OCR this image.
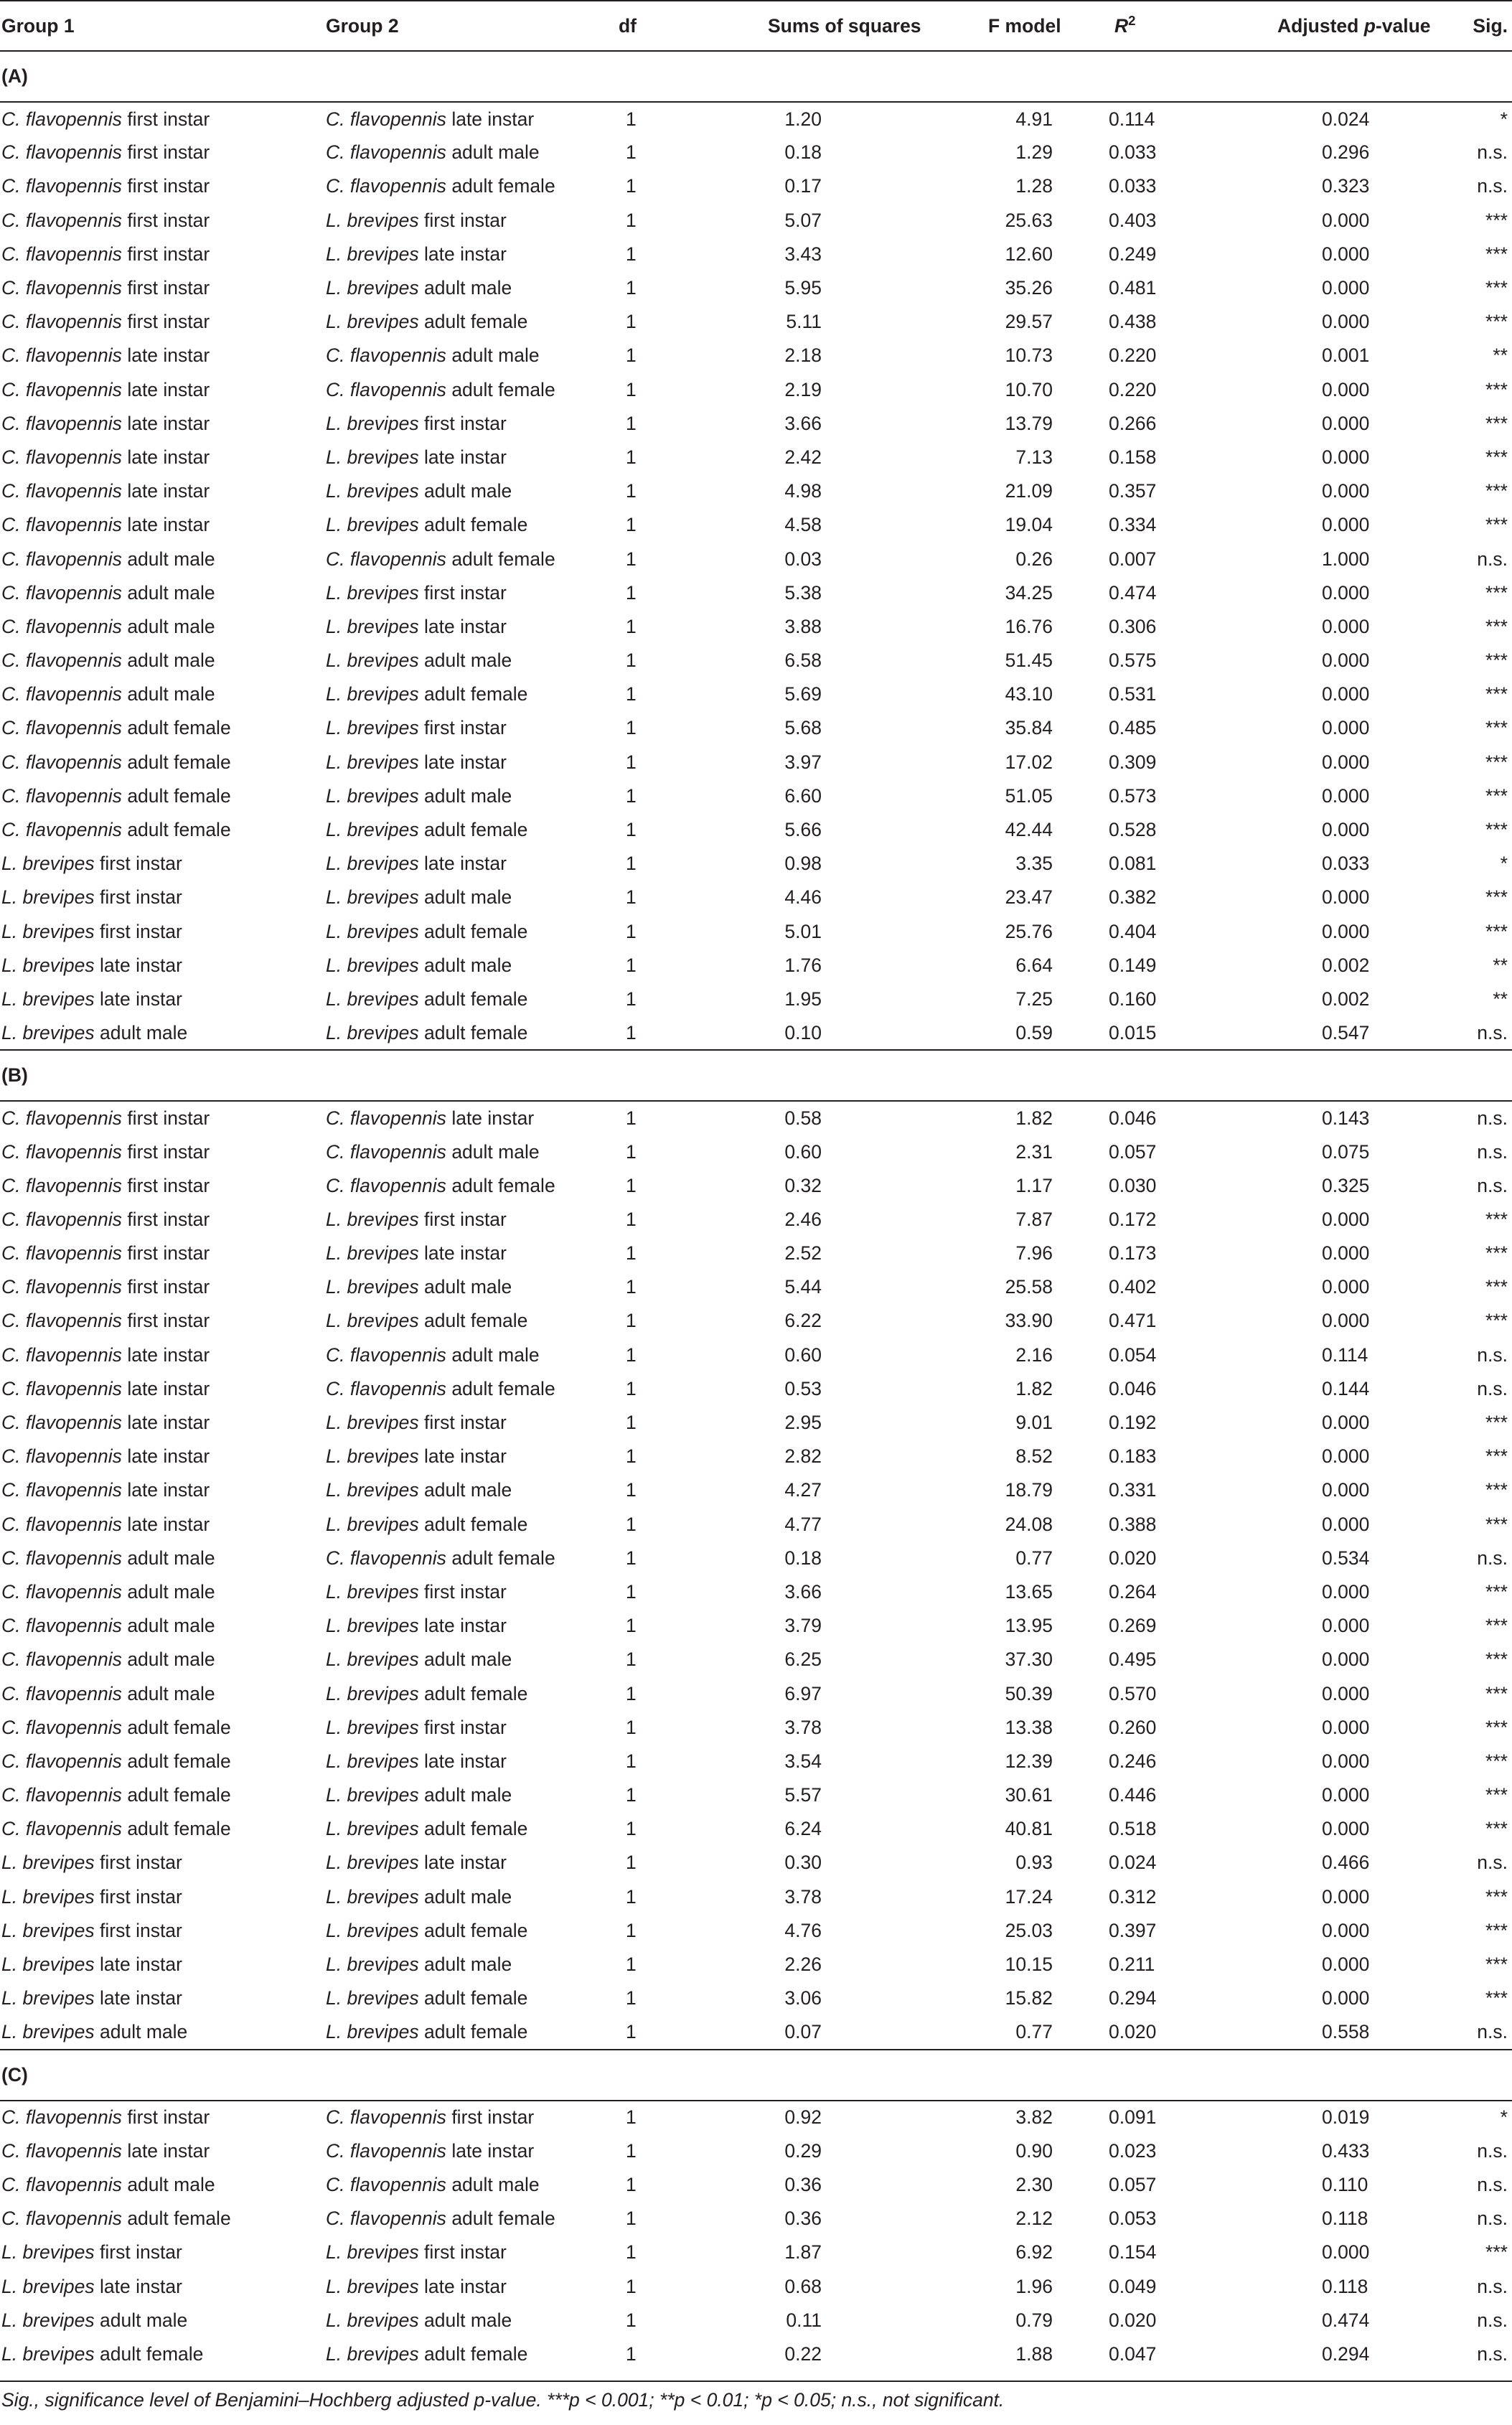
Group 1	Group 2	df	Sums of squares	F model	$R^2$	Adjusted p-value	Sig.
(A)							
C. flavopennis first instar	C. flavopennis late instar	1	1.20	4.91	0.114	0.024	*
C. flavopennis first instar	C. flavopennis adult male	1	0.18	1.29	0.033	0.296	n.s.
C. flavopennis first instar	C. flavopennis adult female	1	0.17	1.28	0.033	0.323	n.s.
C. flavopennis first instar	L. brevipes first instar	1	5.07	25.63	0.403	0.000	***
C. flavopennis first instar	L. brevipes late instar	1	3.43	12.60	0.249	0.000	***
C. flavopennis first instar	L. brevipes adult male	1	5.95	35.26	0.481	0.000	***
C. flavopennis first instar	L. brevipes adult female	1	5.11	29.57	0.438	0.000	***
C. flavopennis late instar	C. flavopennis adult male	1	2.18	10.73	0.220	0.001	**
C. flavopennis late instar	C. flavopennis adult female	1	2.19	10.70	0.220	0.000	***
C. flavopennis late instar	L. brevipes first instar	1	3.66	13.79	0.266	0.000	***
C. flavopennis late instar	L. brevipes late instar	1	2.42	7.13	0.158	0.000	***
C. flavopennis late instar	L. brevipes adult male	1	4.98	21.09	0.357	0.000	***
C. flavopennis late instar	L. brevipes adult female	1	4.58	19.04	0.334	0.000	***
C. flavopennis adult male	C. flavopennis adult female	1	0.03	0.26	0.007	1.000	n.s.
C. flavopennis adult male	L. brevipes first instar	1	5.38	34.25	0.474	0.000	***
C. flavopennis adult male	L. brevipes late instar	1	3.88	16.76	0.306	0.000	***
C. flavopennis adult male	L. brevipes adult male	1	6.58	51.45	0.575	0.000	***
C. flavopennis adult male	L. brevipes adult female	1	5.69	43.10	0.531	0.000	***
C. flavopennis adult female	L. brevipes first instar	1	5.68	35.84	0.485	0.000	***
C. flavopennis adult female	L. brevipes late instar	1	3.97	17.02	0.309	0.000	***
C. flavopennis adult female	L. brevipes adult male	1	6.60	51.05	0.573	0.000	***
C. flavopennis adult female	L. brevipes adult female	1	5.66	42.44	0.528	0.000	***
L. brevipes first instar	L. brevipes late instar	1	0.98	3.35	0.081	0.033	*
L. brevipes first instar	L. brevipes adult male	1	4.46	23.47	0.382	0.000	***
L. brevipes first instar	L. brevipes adult female	1	5.01	25.76	0.404	0.000	***
L. brevipes late instar	L. brevipes adult male	1	1.76	6.64	0.149	0.002	**
L. brevipes late instar	L. brevipes adult female	1	1.95	7.25	0.160	0.002	**
L. brevipes adult male	L. brevipes adult female	1	0.10	0.59	0.015	0.547	n.s.
(B)							
C. flavopennis first instar	C. flavopennis late instar	1	0.58	1.82	0.046	0.143	n.s.
C. flavopennis first instar	C. flavopennis adult male	1	0.60	2.31	0.057	0.075	n.s.
C. flavopennis first instar	C. flavopennis adult female	1	0.32	1.17	0.030	0.325	n.s.
C. flavopennis first instar	L. brevipes first instar	1	2.46	7.87	0.172	0.000	***
C. flavopennis first instar	L. brevipes late instar	1	2.52	7.96	0.173	0.000	***
C. flavopennis first instar	L. brevipes adult male	1	5.44	25.58	0.402	0.000	***
C. flavopennis first instar	L. brevipes adult female	1	6.22	33.90	0.471	0.000	***
C. flavopennis late instar	C. flavopennis adult male	1	0.60	2.16	0.054	0.114	n.s.
C. flavopennis late instar	C. flavopennis adult female	1	0.53	1.82	0.046	0.144	n.s.
C. flavopennis late instar	L. brevipes first instar	1	2.95	9.01	0.192	0.000	***
C. flavopennis late instar	L. brevipes late instar	1	2.82	8.52	0.183	0.000	***
C. flavopennis late instar	L. brevipes adult male	1	4.27	18.79	0.331	0.000	***
C. flavopennis late instar	L. brevipes adult female	1	4.77	24.08	0.388	0.000	***
C. flavopennis adult male	C. flavopennis adult female	1	0.18	0.77	0.020	0.534	n.s.
C. flavopennis adult male	L. brevipes first instar	1	3.66	13.65	0.264	0.000	***
C. flavopennis adult male	L. brevipes late instar	1	3.79	13.95	0.269	0.000	***
C. flavopennis adult male	L. brevipes adult male	1	6.25	37.30	0.495	0.000	***
C. flavopennis adult male	L. brevipes adult female	1	6.97	50.39	0.570	0.000	***
C. flavopennis adult female	L. brevipes first instar	1	3.78	13.38	0.260	0.000	***
C. flavopennis adult female	L. brevipes late instar	1	3.54	12.39	0.246	0.000	***
C. flavopennis adult female	L. brevipes adult male	1	5.57	30.61	0.446	0.000	***
C. flavopennis adult female	L. brevipes adult female	1	6.24	40.81	0.518	0.000	***
L. brevipes first instar	L. brevipes late instar	1	0.30	0.93	0.024	0.466	n.s.
L. brevipes first instar	L. brevipes adult male	1	3.78	17.24	0.312	0.000	***
L. brevipes first instar	L. brevipes adult female	1	4.76	25.03	0.397	0.000	***
L. brevipes late instar	L. brevipes adult male	1	2.26	10.15	0.211	0.000	***
L. brevipes late instar	L. brevipes adult female	1	3.06	15.82	0.294	0.000	***
L. brevipes adult male	L. brevipes adult female	1	0.07	0.77	0.020	0.558	n.s.
(C)							
C. flavopennis first instar	C. flavopennis first instar	1	0.92	3.82	0.091	0.019	*
C. flavopennis late instar	C. flavopennis late instar	1	0.29	0.90	0.023	0.433	n.s.
C. flavopennis adult male	C. flavopennis adult male	1	0.36	2.30	0.057	0.110	n.s.
C. flavopennis adult female	C. flavopennis adult female	1	0.36	2.12	0.053	0.118	n.s.
L. brevipes first instar	L. brevipes first instar	1	1.87	6.92	0.154	0.000	***
L. brevipes late instar	L. brevipes late instar	1	0.68	1.96	0.049	0.118	n.s.
L. brevipes adult male	L. brevipes adult male	1	0.11	0.79	0.020	0.474	n.s.
L. brevipes adult female	L. brevipes adult female	1	0.22	1.88	0.047	0.294	n.s.
Sig., significance level of Benjamini–Hochberg adjusted p-value. ***p < 0.001; **p < 0.01; *p < 0.05; n.s., not significant.
